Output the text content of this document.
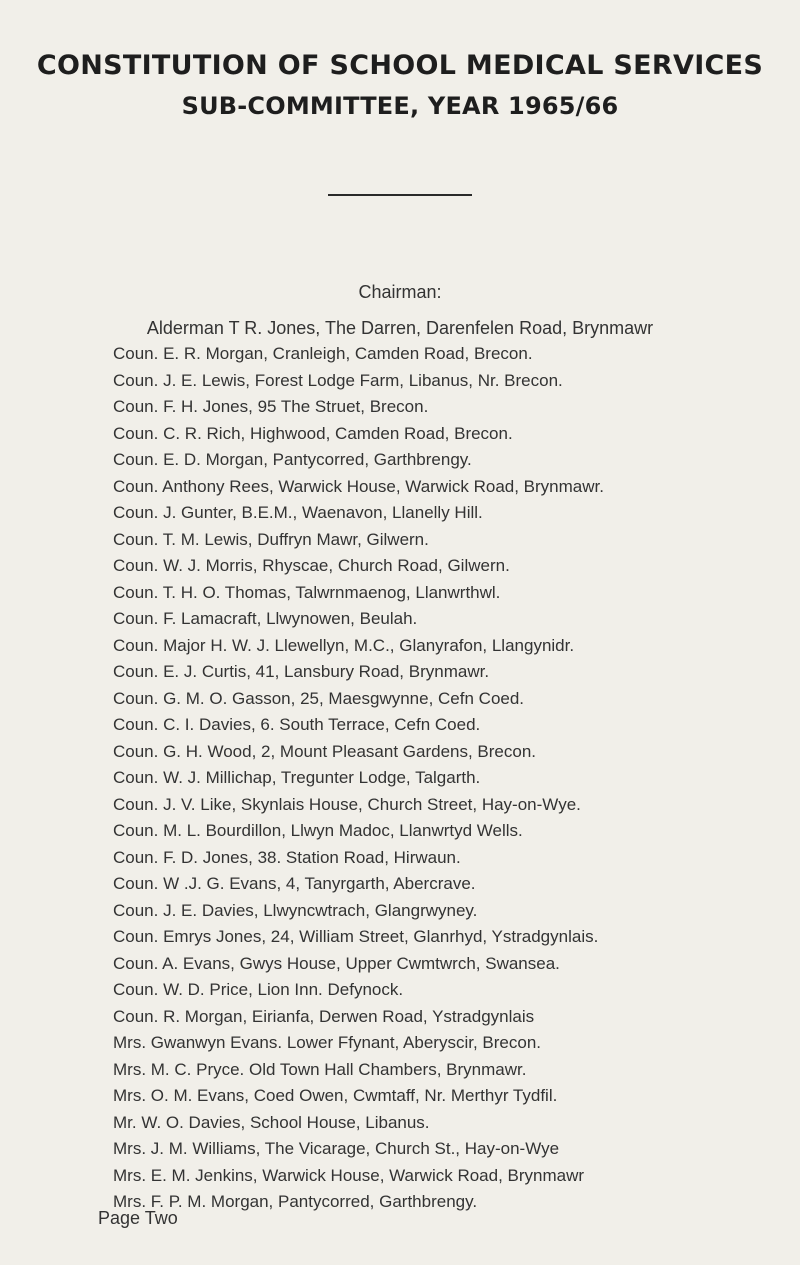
CONSTITUTION OF SCHOOL MEDICAL SERVICES
SUB-COMMITTEE, YEAR 1965/66
Chairman:
Alderman T R. Jones, The Darren, Darenfelen Road, Brynmawr
Coun. E. R. Morgan, Cranleigh, Camden Road, Brecon.
Coun. J. E. Lewis, Forest Lodge Farm, Libanus, Nr. Brecon.
Coun. F. H. Jones, 95 The Struet, Brecon.
Coun. C. R. Rich, Highwood, Camden Road, Brecon.
Coun. E. D. Morgan, Pantycorred, Garthbrengy.
Coun. Anthony Rees, Warwick House, Warwick Road, Brynmawr.
Coun. J. Gunter, B.E.M., Waenavon, Llanelly Hill.
Coun. T. M. Lewis, Duffryn Mawr, Gilwern.
Coun. W. J. Morris, Rhyscae, Church Road, Gilwern.
Coun. T. H. O. Thomas, Talwrnmaenog, Llanwrthwl.
Coun. F. Lamacraft, Llwynowen, Beulah.
Coun. Major H. W. J. Llewellyn, M.C., Glanyrafon, Llangynidr.
Coun. E. J. Curtis, 41, Lansbury Road, Brynmawr.
Coun. G. M. O. Gasson, 25, Maesgwynne, Cefn Coed.
Coun. C. I. Davies, 6. South Terrace, Cefn Coed.
Coun. G. H. Wood, 2, Mount Pleasant Gardens, Brecon.
Coun. W. J. Millichap, Tregunter Lodge, Talgarth.
Coun. J. V. Like, Skynlais House, Church Street, Hay-on-Wye.
Coun. M. L. Bourdillon, Llwyn Madoc, Llanwrtyd Wells.
Coun. F. D. Jones, 38. Station Road, Hirwaun.
Coun. W .J. G. Evans, 4, Tanyrgarth, Abercrave.
Coun. J. E. Davies, Llwyncwtrach, Glangrwyney.
Coun. Emrys Jones, 24, William Street, Glanrhyd, Ystradgynlais.
Coun. A. Evans, Gwys House, Upper Cwmtwrch, Swansea.
Coun. W. D. Price, Lion Inn. Defynock.
Coun. R. Morgan, Eirianfa, Derwen Road, Ystradgynlais
Mrs. Gwanwyn Evans. Lower Ffynant, Aberyscir, Brecon.
Mrs. M. C. Pryce. Old Town Hall Chambers, Brynmawr.
Mrs. O. M. Evans, Coed Owen, Cwmtaff, Nr. Merthyr Tydfil.
Mr. W. O. Davies, School House, Libanus.
Mrs. J. M. Williams, The Vicarage, Church St., Hay-on-Wye
Mrs. E. M. Jenkins, Warwick House, Warwick Road, Brynmawr
Mrs. F. P. M. Morgan, Pantycorred, Garthbrengy.
Page Two
